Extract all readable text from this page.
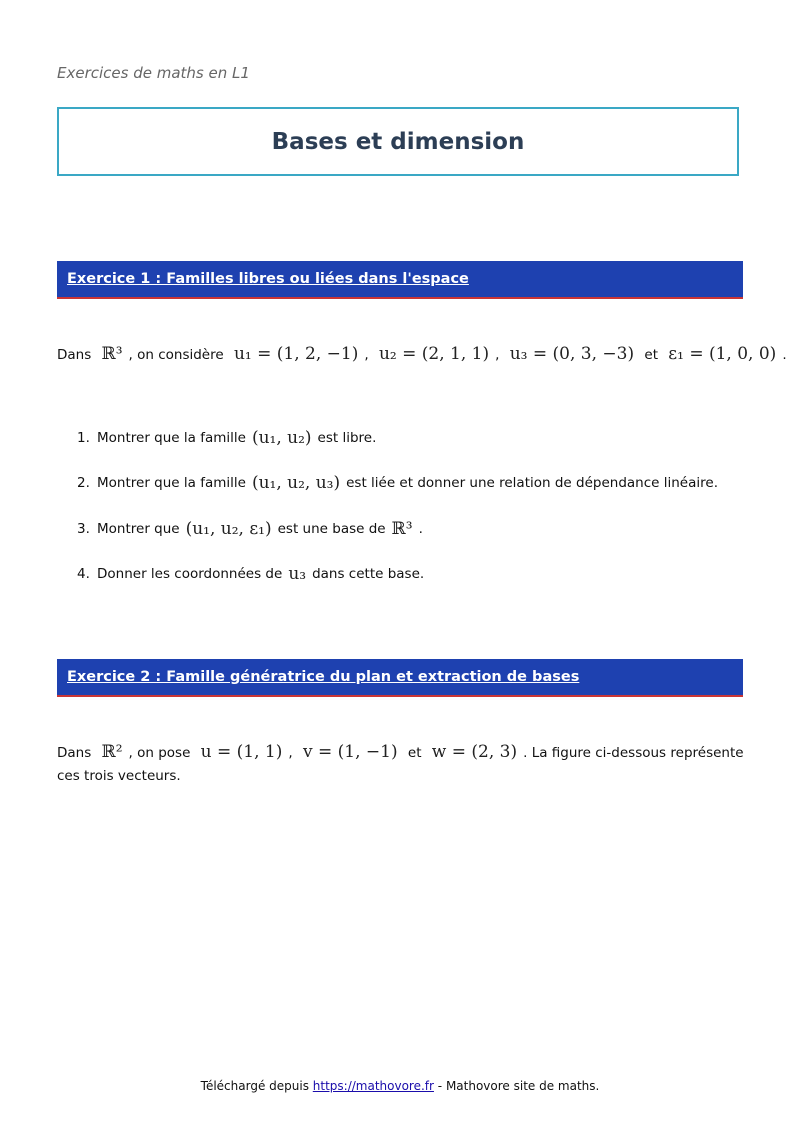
Exercices de maths en L1
Bases et dimension
Exercice 1 : Familles libres ou liées dans l'espace
Dans ℝ³ , on considère u₁ = (1, 2, −1) , u₂ = (2, 1, 1) , u₃ = (0, 3, −3) et ε₁ = (1, 0, 0) .
1. Montrer que la famille (u₁, u₂) est libre.
2. Montrer que la famille (u₁, u₂, u₃) est liée et donner une relation de dépendance linéaire.
3. Montrer que (u₁, u₂, ε₁) est une base de ℝ³ .
4. Donner les coordonnées de u₃ dans cette base.
Exercice 2 : Famille génératrice du plan et extraction de bases
Dans ℝ² , on pose u = (1, 1) , v = (1, −1) et w = (2, 3) . La figure ci-dessous représente ces trois vecteurs.
Téléchargé depuis https://mathovore.fr - Mathovore site de maths.
